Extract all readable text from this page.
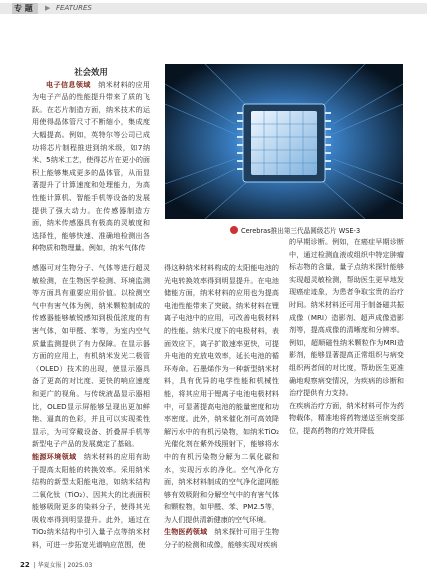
专 题 ▶ FEATURES

社会效用

电子信息领域　 纳米材料的应用为电子产品的性能提升带来了质的飞跃。在芯片制造方面，纳米技术的运用使得晶体管尺寸不断缩小，集成度大幅提高。例如，英特尔等公司已成功将芯片制程推进到纳米级，如7纳米、5纳米工艺，使得芯片在更小的面积上能够集成更多的晶体管，从而显著提升了计算速度和处理能力，为高性能计算机、智能手机等设备的发展提供了强大动力。在传感器制造方面，纳米传感器具有极高的灵敏度和选择性，能够快速、准确地检测出各种物质和物理量。例如，纳米气体传

Cerebras推出第三代晶圆级芯片 WSE-3

感器可对生物分子、气体等进行超灵敏检测，在生物医学检测、环境监测等方面具有重要应用价值。以检测空气中有害气体为例，纳米颗粒制成的传感器能够敏锐感知到极低浓度的有害气体，如甲醛、苯等，为室内空气质量监测提供了有力保障。在显示器方面的应用上，有机纳米发光二极管（OLED）技术的出现，使显示器具备了更高的对比度、更快的响应速度和更广的视角。与传统液晶显示器相比，OLED显示屏能够呈现出更加鲜艳、逼真的色彩，并且可以实现柔性显示，为可穿戴设备、折叠屏手机等新型电子产品的发展奠定了基础。
能源环境领域　纳米材料的应用有助于提高太阳能的转换效率。采用纳米结构的新型太阳能电池，如纳米结构二氧化钛（TiO₂）、因其大的比表面积能够吸附更多的染料分子，使得其光吸收率得到明显提升。此外，通过在TiO₂纳米结构中引入量子点等纳米材料，可进一步拓宽光谱响应范围，使

得这种纳米材料构成的太阳能电池的光电转换效率得到明显提升。在电池储能方面，纳米材料的应用也为提高电池性能带来了突破。纳米材料在锂离子电池中的应用，可改善电极材料的性能。纳米尺度下的电极材料，表面效应下，离子扩散速率更快，可提升电池的充放电效率，延长电池的循环寿命。石墨烯作为一种新型纳米材料，具有优异的电学性能和机械性能，将其应用于锂离子电池电极材料中，可显著提高电池的能量密度和功率密度。此外，纳米催化剂可高效降解污水中的有机污染物，如纳米TiO₂光催化剂在紫外线照射下，能够将水中的有机污染物分解为二氧化碳和水，实现污水的净化。空气净化方面，纳米材料制成的空气净化滤网能够有效吸附和分解空气中的有害气体和颗粒物，如甲醛、苯、PM2.5等，为人们提供清新健康的空气环境。
生物医药领域　纳米探针可用于生物分子的检测和成像，能够实现对疾病

的早期诊断。例如，在癌症早期诊断中，通过检测血液或组织中特定肿瘤标志物的含量，量子点纳米探针能够实现超灵敏检测，帮助医生更早地发现癌症迹象，为患者争取宝贵的治疗时间。纳米材料还可用于制备磁共振成像（MRI）造影剂、超声成像造影剂等，提高成像的清晰度和分辨率。例如，超顺磁性纳米颗粒作为MRI造影剂，能够显著提高正常组织与病变组织两者间的对比度，帮助医生更准确地观察病变情况，为疾病的诊断和治疗提供有力支持。
在疾病治疗方面，纳米材料可作为药物载体，精准地将药物递送至病变部位，提高药物的疗效并降低

22 | 华夏女报 | 2025.03
